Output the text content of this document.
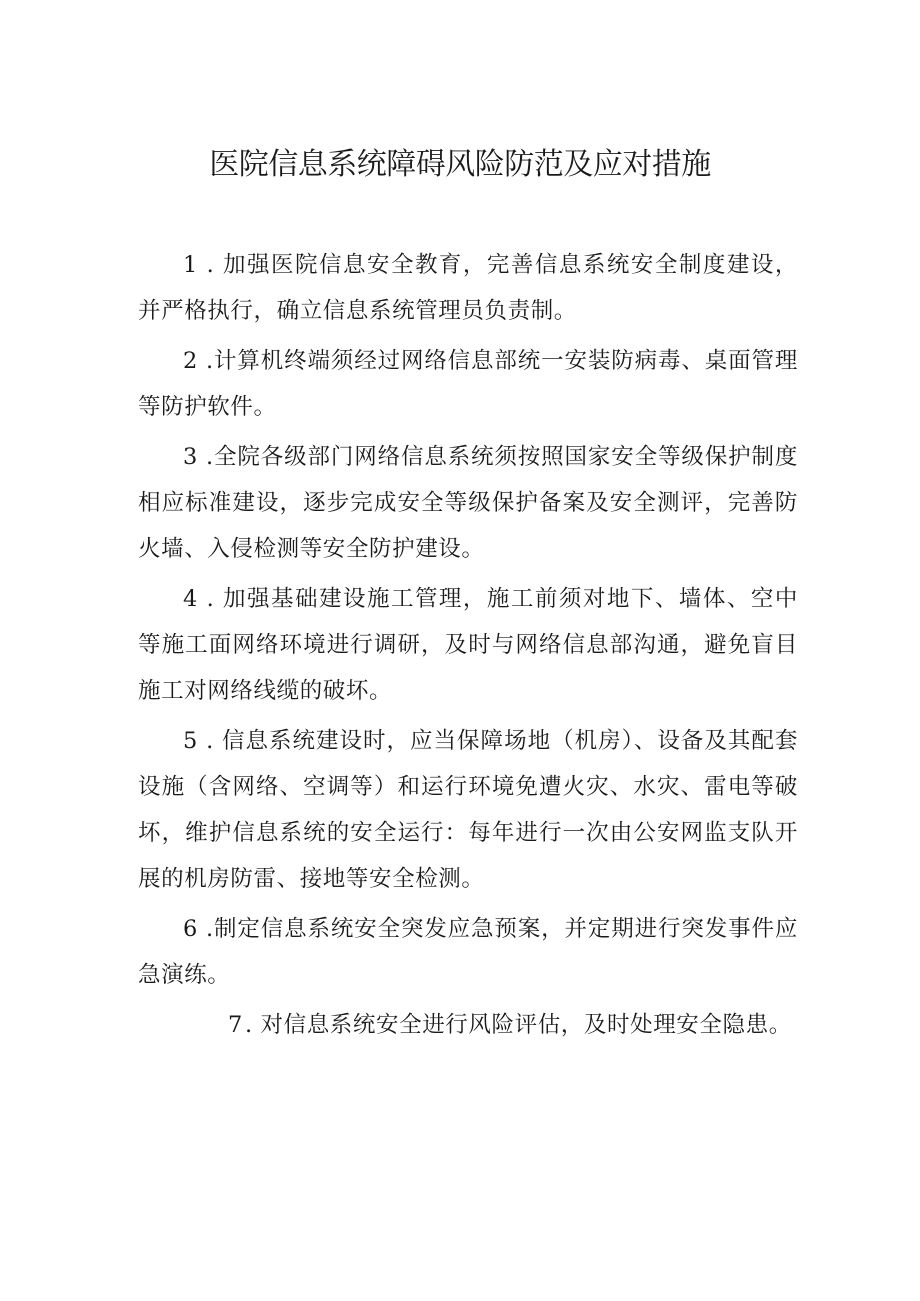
医院信息系统障碍风险防范及应对措施

1 . 加强医院信息安全教育，完善信息系统安全制度建设，并严格执行，确立信息系统管理员负责制。

2 .计算机终端须经过网络信息部统一安装防病毒、桌面管理等防护软件。

3 .全院各级部门网络信息系统须按照国家安全等级保护制度相应标准建设，逐步完成安全等级保护备案及安全测评，完善防火墙、入侵检测等安全防护建设。

4 . 加强基础建设施工管理，施工前须对地下、墙体、空中等施工面网络环境进行调研，及时与网络信息部沟通，避免盲目施工对网络线缆的破坏。

5 . 信息系统建设时，应当保障场地（机房）、设备及其配套设施（含网络、空调等）和运行环境免遭火灾、水灾、雷电等破坏，维护信息系统的安全运行：每年进行一次由公安网监支队开展的机房防雷、接地等安全检测。

6 .制定信息系统安全突发应急预案，并定期进行突发事件应急演练。

7. 对信息系统安全进行风险评估，及时处理安全隐患。
